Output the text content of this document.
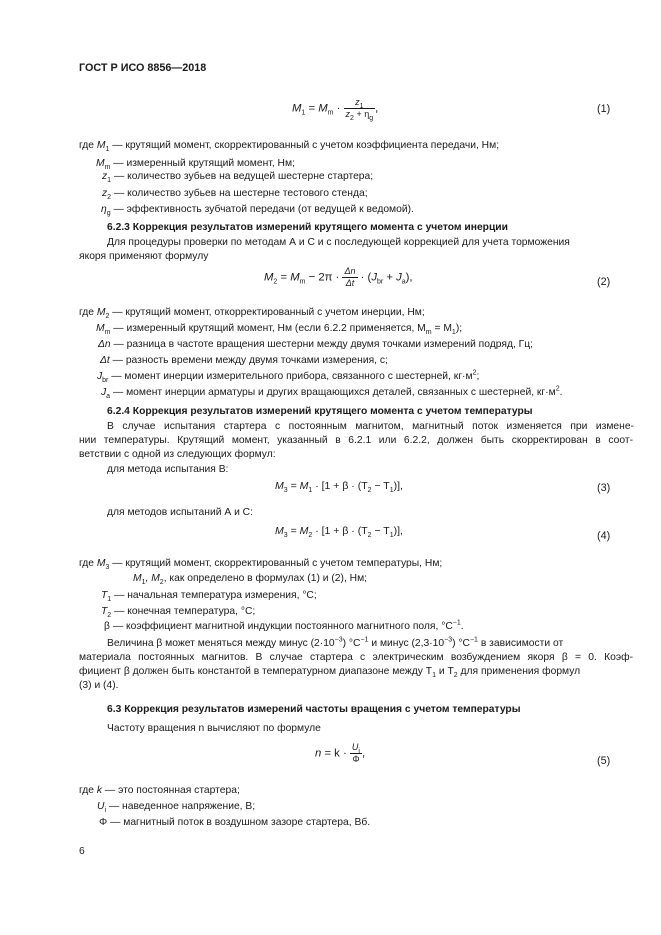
ГОСТ Р ИСО 8856—2018
$M_1 = M_m \cdot \frac{z_1}{z_2 + \eta_g}$ ,	(1)
где $M_1$ — крутящий момент, скорректированный с учетом коэффициента передачи, Нм;
$M_m$ — измеренный крутящий момент, Нм;
$z_1$ — количество зубьев на ведущей шестерне стартера;
$z_2$ — количество зубьев на шестерне тестового стенда;
$\eta_g$ — эффективность зубчатой передачи (от ведущей к ведомой).
6.2.3 Коррекция результатов измерений крутящего момента с учетом инерции
Для процедуры проверки по методам А и С и с последующей коррекцией для учета торможения
якоря применяют формулу
$M_2 = M_m - 2\pi \cdot \frac{\Delta n}{\Delta t} \cdot (J_{br} + J_a)$,	(2)
где $M_2$ — крутящий момент, откорректированный с учетом инерции, Нм;
$M_m$ — измеренный крутящий момент, Нм (если 6.2.2 применяется, $M_m = M_1$);
Δn — разница в частоте вращения шестерни между двумя точками измерений подряд, Гц;
Δt — разность времени между двумя точками измерения, с;
$J_{br}$ — момент инерции измерительного прибора, связанного с шестерней, $кг\cdot м^2$;
$J_a$ — момент инерции арматуры и других вращающихся деталей, связанных с шестерней, $кг\cdot м^2$.
6.2.4 Коррекция результатов измерений крутящего момента с учетом температуры
В случае испытания стартера с постоянным магнитом, магнитный поток изменяется при измене-
нии температуры. Крутящий момент, указанный в 6.2.1 или 6.2.2, должен быть скорректирован в соот-
ветствии с одной из следующих формул:
для метода испытания В:
$M_3 = M_1 \cdot [1 + \beta \cdot (T_2 - T_1)]$,	(3)
для методов испытаний А и С:
$M_3 = M_2 \cdot [1 + \beta \cdot (T_2 - T_1)]$,	(4)
где $M_3$ — крутящий момент, скорректированный с учетом температуры, Нм;
$M_1$, $M_2$, как определено в формулах (1) и (2), Нм;
$T_1$ — начальная температура измерения, °С;
$T_2$ — конечная температура, °С;
β — коэффициент магнитной индукции постоянного магнитного поля, $^\circ С^{-1}$.
Величина β может меняться между минус $(2\cdot 10^{-3})$ $^\circ С^{-1}$ и минус $(2,3\cdot 10^{-3})$ $^\circ С^{-1}$ в зависимости от
материала постоянных магнитов. В случае стартера с электрическим возбуждением якоря β = 0. Коэф-
фициент β должен быть константой в температурном диапазоне между $T_1$ и $T_2$ для применения формул
(3) и (4).
6.3 Коррекция результатов измерений частоты вращения с учетом температуры
Частоту вращения n вычисляют по формуле
$n = k \cdot \frac{U_i}{\Phi}$ ,
(5)
где k — это постоянная стартера;
$U_i$ — наведенное напряжение, В;
Φ — магнитный поток в воздушном зазоре стартера, Вб.
6
